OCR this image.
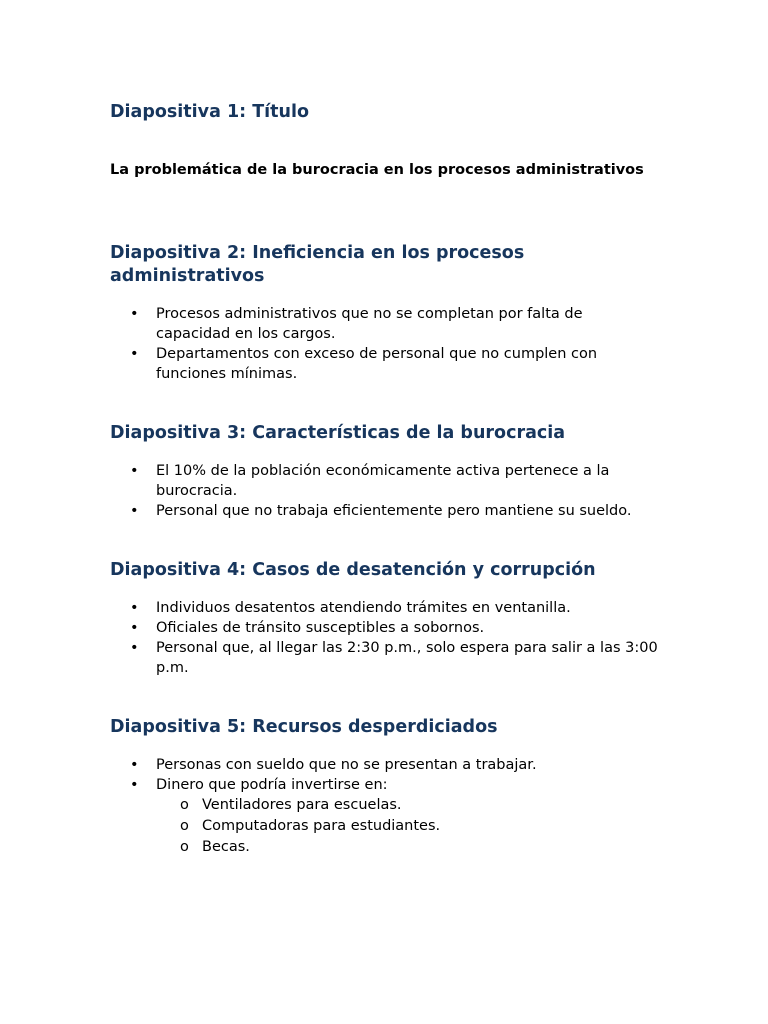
Diapositiva 1: Título

La problemática de la burocracia en los procesos administrativos

Diapositiva 2: Ineficiencia en los procesos administrativos
• Procesos administrativos que no se completan por falta de capacidad en los cargos.
• Departamentos con exceso de personal que no cumplen con funciones mínimas.
Diapositiva 3: Características de la burocracia
• El 10% de la población económicamente activa pertenece a la burocracia.
• Personal que no trabaja eficientemente pero mantiene su sueldo.
Diapositiva 4: Casos de desatención y corrupción
• Individuos desatentos atendiendo trámites en ventanilla.
• Oficiales de tránsito susceptibles a sobornos.
• Personal que, al llegar las 2:30 p.m., solo espera para salir a las 3:00 p.m.
Diapositiva 5: Recursos desperdiciados
• Personas con sueldo que no se presentan a trabajar.
• Dinero que podría invertirse en:
o Ventiladores para escuelas.
o Computadoras para estudiantes.
o Becas.
